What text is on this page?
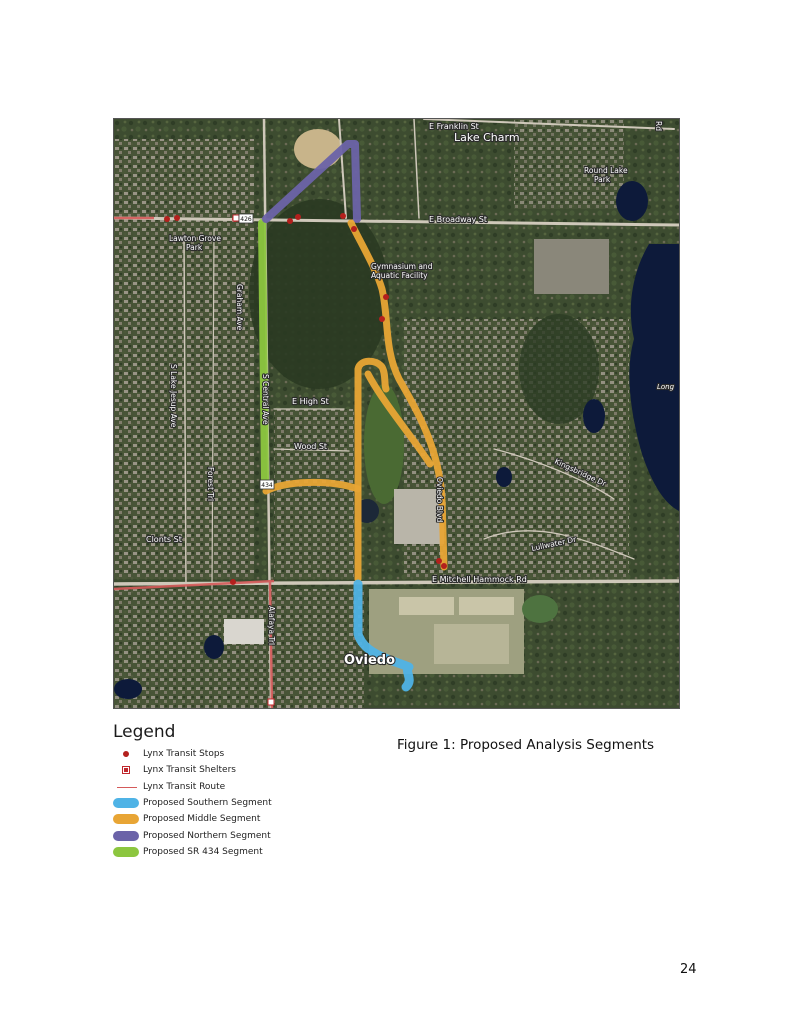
426
434
E Franklin St
Lake Charm
Round Lake
Park
E Broadway St
Lawton Grove
Park
Gymnasium and
Aquatic Facility
Graham Ave
S Central Ave
S Lake Jesup Ave	E High St
Wood St
Long
Kingsbridge Dr
Forest Trl
Clonts St
Oviedo Blvd
Lullwater Dr
E Mitchell Hammock Rd
Alafaya Trl
Oviedo
Rd
Legend
Lynx Transit Stops
Lynx Transit Shelters
Lynx Transit Route
Proposed Southern Segment
Proposed Middle Segment
Proposed Northern Segment
Proposed SR 434 Segment
Figure 1: Proposed Analysis Segments
24
